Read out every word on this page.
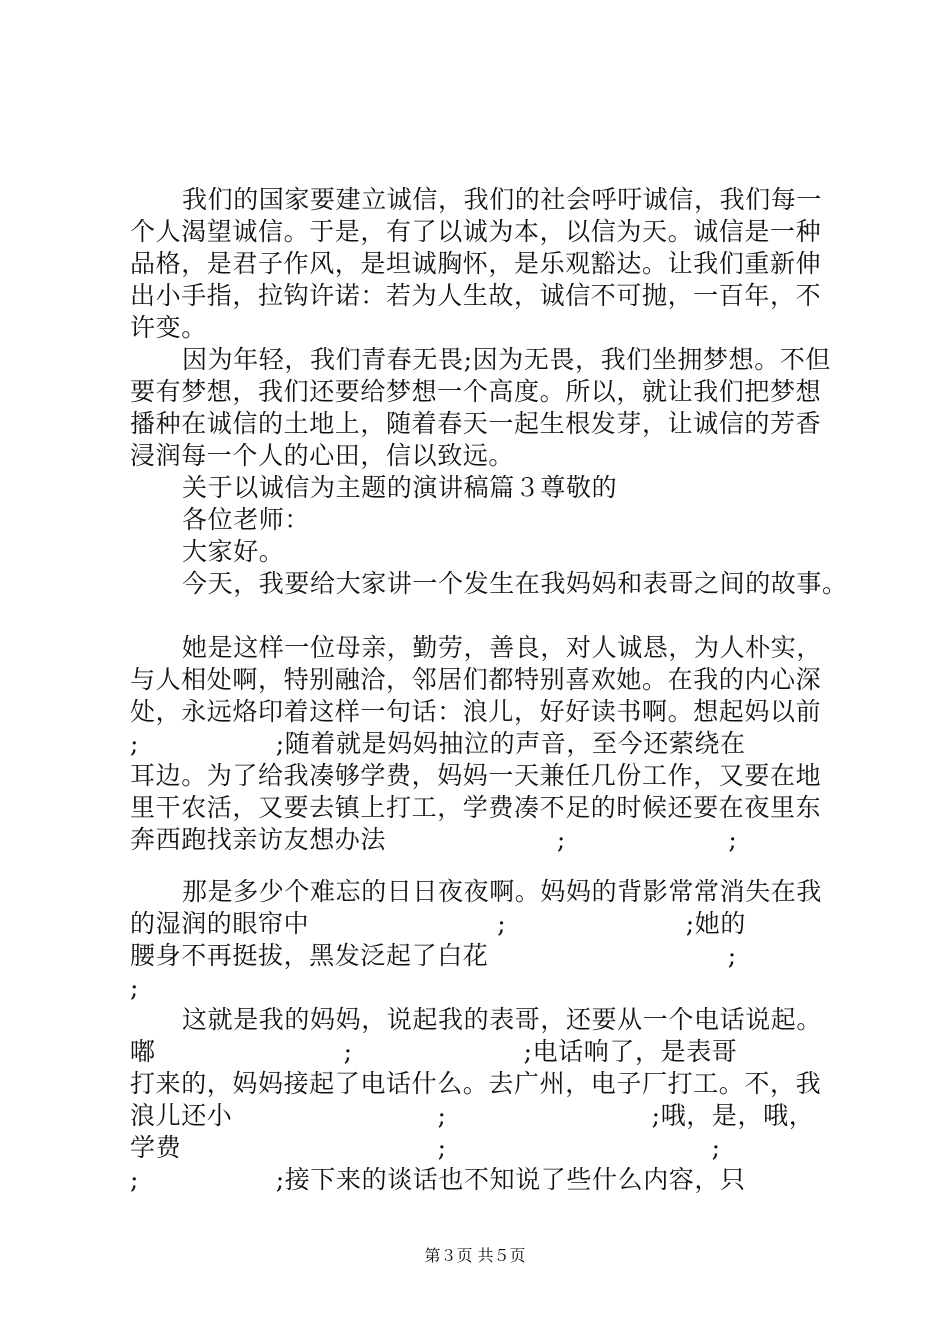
我们的国家要建立诚信，我们的社会呼吁诚信，我们每一
个人渴望诚信。于是，有了以诚为本，以信为天。诚信是一种
品格，是君子作风，是坦诚胸怀，是乐观豁达。让我们重新伸
出小手指，拉钩许诺：若为人生故，诚信不可抛，一百年，不
许变。
因为年轻，我们青春无畏;因为无畏，我们坐拥梦想。不但
要有梦想，我们还要给梦想一个高度。所以，就让我们把梦想
播种在诚信的土地上，随着春天一起生根发芽，让诚信的芳香
浸润每一个人的心田，信以致远。
关于以诚信为主题的演讲稿篇３尊敬的
各位老师：
大家好。
今天，我要给大家讲一个发生在我妈妈和表哥之间的故事。
她是这样一位母亲，勤劳，善良，对人诚恳，为人朴实，
与人相处啊，特别融洽，邻居们都特别喜欢她。在我的内心深
处，永远烙印着这样一句话：浪儿，好好读书啊。想起妈以前
;                ;随着就是妈妈抽泣的声音，至今还萦绕在
耳边。为了给我凑够学费，妈妈一天兼任几份工作，又要在地
里干农活，又要去镇上打工，学费凑不足的时候还要在夜里东
奔西跑找亲访友想办法                    ;                   ;
那是多少个难忘的日日夜夜啊。妈妈的背影常常消失在我
的湿润的眼帘中                      ;                     ;她的
腰身不再挺拔，黑发泛起了白花                            ;
;
这就是我的妈妈，说起我的表哥，还要从一个电话说起。
嘟                      ;                    ;电话响了，是表哥
打来的，妈妈接起了电话什么。去广州，电子厂打工。不，我
浪儿还小                        ;                        ;哦，是，哦，
学费                              ;                               ;
;                ;接下来的谈话也不知说了些什么内容，只
第３页 共５页
